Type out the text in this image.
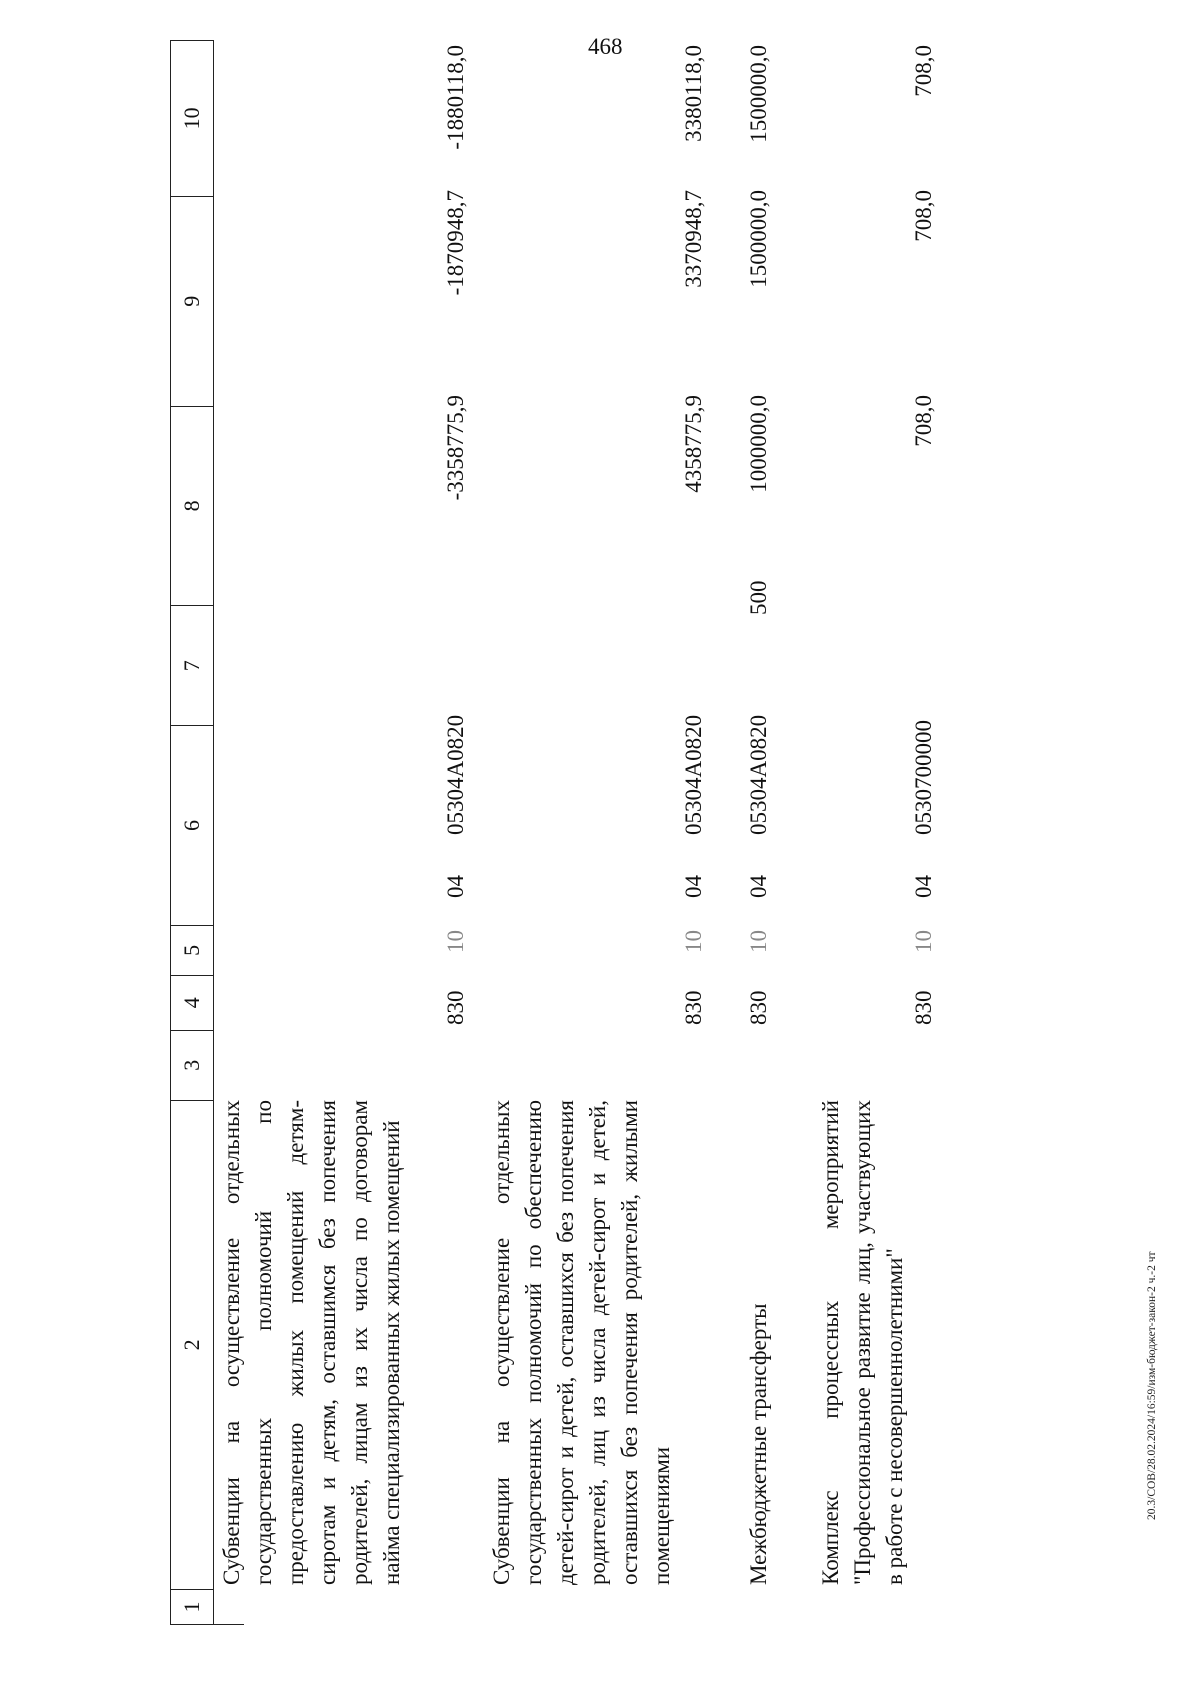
468
20.3/СОВ/28.02.2024/16:59/изм-бюджет-закон-2 ч.-2 чт
1
2
3
4
5
6
7
8
9
10
Субвенции на осуществление отдельных государственных полномочий по предоставлению жилых помещений детям-сиротам и детям, оставшимся без попечения родителей, лицам из их числа по договорам найма специализированных жилых помещений
830
10
04
05304A0820
-3358775,9
-1870948,7
-1880118,0
Субвенции на осуществление отдельных государственных полномочий по обеспечению детей-сирот и детей, оставшихся без попечения родителей, лиц из числа детей-сирот и детей, оставшихся без попечения родителей, жилыми помещениями
830
10
04
05304A0820
4358775,9
3370948,7
3380118,0
Межбюджетные трансферты
830
10
04
05304A0820
500
1000000,0
1500000,0
1500000,0
Комплекс процессных мероприятий "Профессиональное развитие лиц, участвующих в работе с несовершеннолетними"
830
10
04
0530700000
708,0
708,0
708,0
